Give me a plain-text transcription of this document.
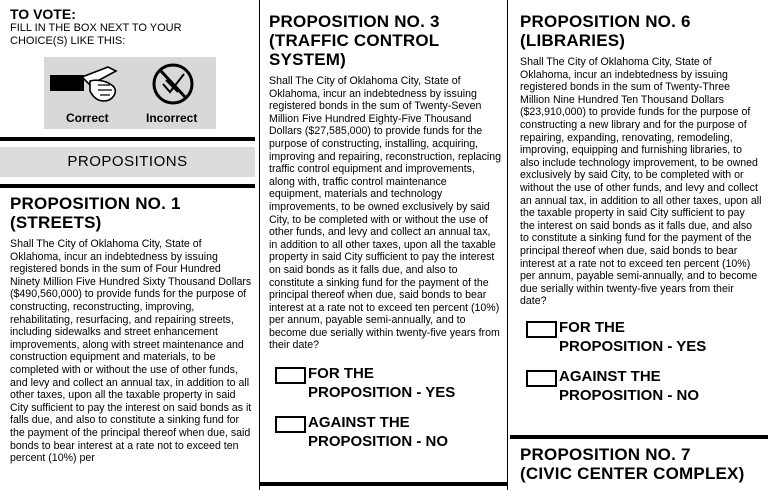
TO VOTE:
FILL IN THE BOX NEXT TO YOUR CHOICE(S) LIKE THIS:
Correct	Incorrect
PROPOSITIONS
PROPOSITION NO. 1
(STREETS)
Shall The City of Oklahoma City, State of Oklahoma, incur an indebtedness by issuing registered bonds in the sum of Four Hundred Ninety Million Five Hundred Sixty Thousand Dollars ($490,560,000) to provide funds for the purpose of constructing, reconstructing, improving, rehabilitating, resurfacing, and repairing streets, including sidewalks and street enhancement improvements, along with street maintenance and construction equipment and materials, to be completed with or without the use of other funds, and levy and collect an annual tax, in addition to all other taxes, upon all the taxable property in said City sufficient to pay the interest on said bonds as it falls due, and also to constitute a sinking fund for the payment of the principal thereof when due, said bonds to bear interest at a rate not to exceed ten percent (10%) per
PROPOSITION NO. 3
(TRAFFIC CONTROL
SYSTEM)
Shall The City of Oklahoma City, State of Oklahoma, incur an indebtedness by issuing registered bonds in the sum of Twenty-Seven Million Five Hundred Eighty-Five Thousand Dollars ($27,585,000) to provide funds for the purpose of constructing, installing, acquiring, improving and repairing, reconstruction, replacing traffic control equipment and improvements, along with, traffic control maintenance equipment, materials and technology improvements, to be owned exclusively by said City, to be completed with or without the use of other funds, and levy and collect an annual tax, in addition to all other taxes, upon all the taxable property in said City sufficient to pay the interest on said bonds as it falls due, and also to constitute a sinking fund for the payment of the principal thereof when due, said bonds to bear interest at a rate not to exceed ten percent (10%) per annum, payable semi-annually, and to become due serially within twenty-five years from their date?
FOR THE
PROPOSITION - YES
AGAINST THE
PROPOSITION - NO
PROPOSITION NO. 6
(LIBRARIES)
Shall The City of Oklahoma City, State of Oklahoma, incur an indebtedness by issuing registered bonds in the sum of Twenty-Three Million Nine Hundred Ten Thousand Dollars ($23,910,000) to provide funds for the purpose of constructing a new library and for the purpose of repairing, expanding, renovating, remodeling, improving, equipping and furnishing libraries, to also include technology improvement, to be owned exclusively by said City, to be completed with or without the use of other funds, and levy and collect an annual tax, in addition to all other taxes, upon all the taxable property in said City sufficient to pay the interest on said bonds as it falls due, and also to constitute a sinking fund for the payment of the principal thereof when due, said bonds to bear interest at a rate not to exceed ten percent (10%) per annum, payable semi-annually, and to become due serially within twenty-five years from their date?
FOR THE
PROPOSITION - YES
AGAINST THE
PROPOSITION - NO
PROPOSITION NO. 7
(CIVIC CENTER COMPLEX)
